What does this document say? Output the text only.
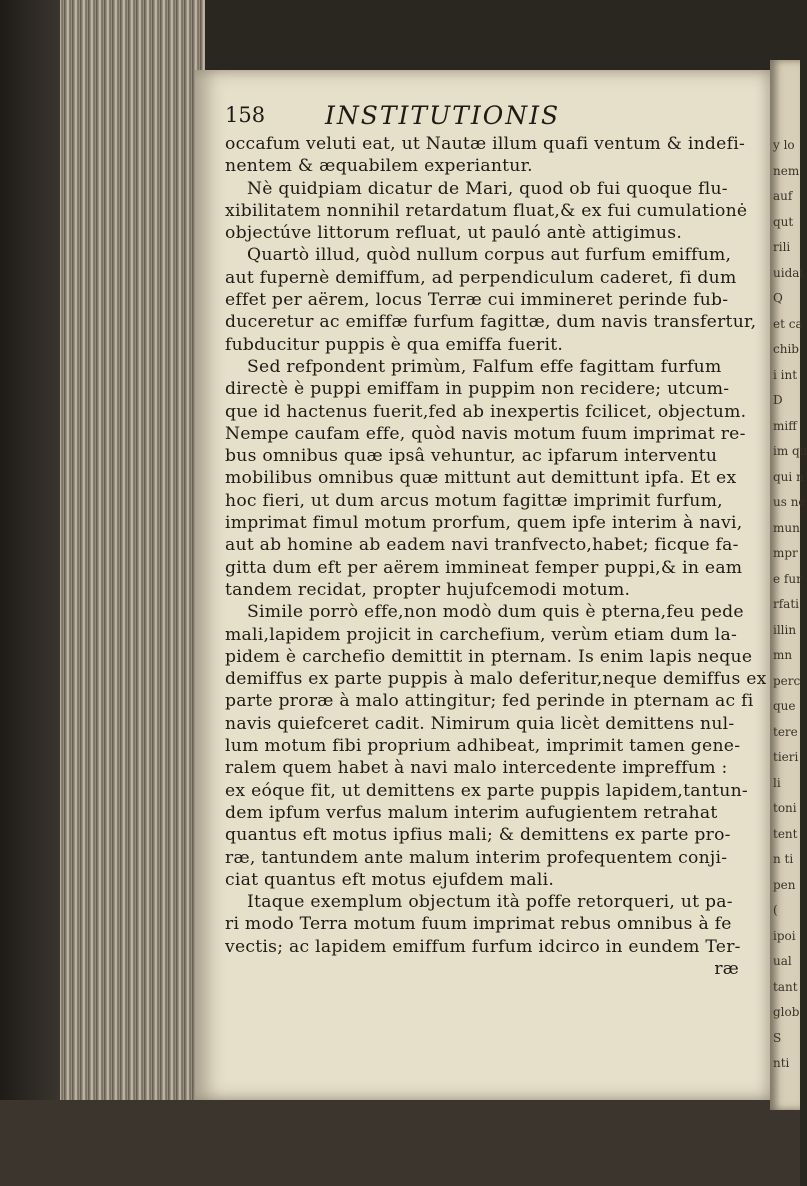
y lo
nem
auf
qut
rili
uidat
Q
et ca
chib
i int
D
miff
im qu
qui n
us ne
mun
mpr
e fur
rfati
illin
mn
perc
que
tere
tieri
li
toni
tent
n ti
pen
(
ipoi
ual
tant
glob
S
nti
158 INSTITUTIONIS
occafum veluti eat, ut Nautæ illum quafi ventum & indefi-
nentem & æquabilem experiantur.
Nè quidpiam dicatur de Mari, quod ob fui quoque flu-
xibilitatem nonnihil retardatum fluat,& ex fui cumulationė
objectúve littorum refluat, ut pauló antè attigimus.
Quartò illud, quòd nullum corpus aut furfum emiffum,
aut fupernè demiffum, ad perpendiculum caderet, fi dum
effet per aërem, locus Terræ cui immineret perinde fub-
duceretur ac emiffæ furfum fagittæ, dum navis transfertur,
fubducitur puppis è qua emiffa fuerit.
Sed refpondent primùm, Falfum effe fagittam furfum
directè è puppi emiffam in puppim non recidere; utcum-
que id hactenus fuerit,fed ab inexpertis fcilicet, objectum.
Nempe caufam effe, quòd navis motum fuum imprimat re-
bus omnibus quæ ipsâ vehuntur, ac ipfarum interventu
mobilibus omnibus quæ mittunt aut demittunt ipfa. Et ex
hoc fieri, ut dum arcus motum fagittæ imprimit furfum,
imprimat fimul motum prorfum, quem ipfe interim à navi,
aut ab homine ab eadem navi tranfvecto,habet; ficque fa-
gitta dum eft per aërem immineat femper puppi,& in eam
tandem recidat, propter hujufcemodi motum.
Simile porrò effe,non modò dum quis è pterna,feu pede
mali,lapidem projicit in carchefium, verùm etiam dum la-
pidem è carchefio demittit in pternam. Is enim lapis neque
demiffus ex parte puppis à malo deferitur,neque demiffus ex
parte proræ à malo attingitur; fed perinde in pternam ac fi
navis quiefceret cadit. Nimirum quia licèt demittens nul-
lum motum fibi proprium adhibeat, imprimit tamen gene-
ralem quem habet à navi malo intercedente impreffum :
ex eóque fit, ut demittens ex parte puppis lapidem,tantun-
dem ipfum verfus malum interim aufugientem retrahat
quantus eft motus ipfius mali; & demittens ex parte pro-
ræ, tantundem ante malum interim profequentem conji-
ciat quantus eft motus ejufdem mali.
Itaque exemplum objectum ità poffe retorqueri, ut pa-
ri modo Terra motum fuum imprimat rebus omnibus à fe
vectis; ac lapidem emiffum furfum idcirco in eundem Ter-
ræ
